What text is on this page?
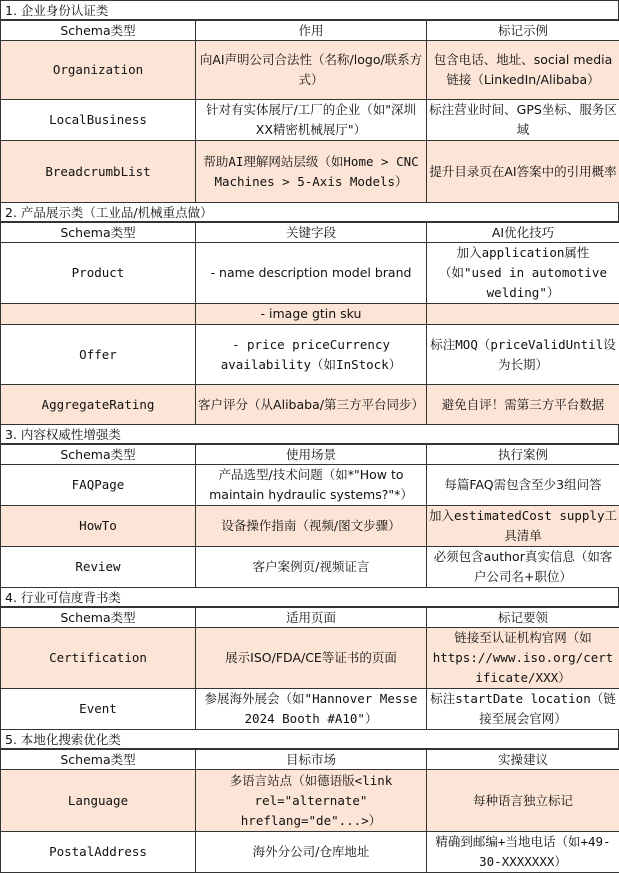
1. 企业身份认证类
Schema类型	作用	标记示例
Organization	向AI声明公司合法性（名称/logo/联系方式）	包含电话、地址、social media链接（LinkedIn/Alibaba）
LocalBusiness	针对有实体展厅/工厂的企业（如"深圳XX精密机械展厅"）	标注营业时间、GPS坐标、服务区域
BreadcrumbList	帮助AI理解网站层级（如Home > CNC Machines > 5-Axis Models）	提升目录页在AI答案中的引用概率
2. 产品展示类（工业品/机械重点做）
Schema类型	关键字段	AI优化技巧
Product	- name description model brand	加入application属性（如"used in automotive welding"）
	- image gtin sku	
Offer	- price priceCurrency availability（如InStock）	标注MOQ（priceValidUntil设为长期）
AggregateRating	客户评分（从Alibaba/第三方平台同步）	避免自评！需第三方平台数据
3. 内容权威性增强类
Schema类型	使用场景	执行案例
FAQPage	产品选型/技术问题（如*"How to maintain hydraulic systems?"*）	每篇FAQ需包含至少3组问答
HowTo	设备操作指南（视频/图文步骤）	加入estimatedCost supply工具清单
Review	客户案例页/视频证言	必须包含author真实信息（如客户公司名+职位）
4. 行业可信度背书类
Schema类型	适用页面	标记要领
Certification	展示ISO/FDA/CE等证书的页面	链接至认证机构官网（如https://www.iso.org/certificate/XXX）
Event	参展海外展会（如"Hannover Messe 2024 Booth #A10"）	标注startDate location（链接至展会官网）
5. 本地化搜索优化类
Schema类型	目标市场	实操建议
Language	多语言站点（如德语版<link rel="alternate" hreflang="de"...>）	每种语言独立标记
PostalAddress	海外分公司/仓库地址	精确到邮编+当地电话（如+49-30-XXXXXXX）
